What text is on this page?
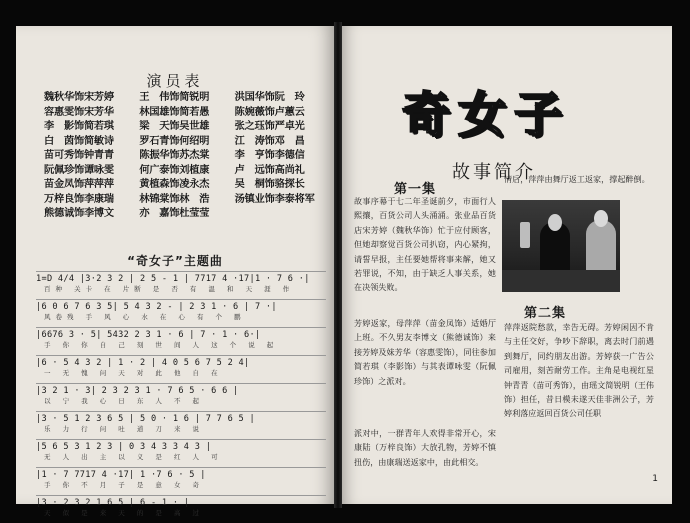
演员表
魏秋华饰宋芳婷	王　伟饰简锐明	洪国华饰阮　玲
容惠雯饰宋芳华	林国雄饰简若愚	陈婉薇饰卢蕙云
李　影饰简若琪	梁　天饰吴世雄	张之珏饰严卓光
白　茵饰简敏诗	罗石青饰何绍明	江　涛饰邓　昌
苗可秀饰钟青青	陈振华饰苏杰棠	李　亨饰李德信
阮佩珍饰谭咏雯	何广泰饰刘植康	卢　远饰高尚礼
苗金凤饰萍萍萍	黄植森饰凌永杰	吴　桐饰骆探长
万梓良饰李康瑞	林锦棠饰林　浩	汤镇业饰李泰将军
熊德诚饰李博文	亦　嘉饰杜莹莹
“奇女子”主题曲
1=D 4/4 |3·2 3 2 | 2 5 - 1 | 7717 4 ·17|1 · 7 6 ·|
百种 关卡 在 片断 是 否 有 温 和 天 涯 作
|6 0 6 7 6 3 5| 5 4 3 2 - | 2 3 1 · 6 | 7 ·|
风卷残 手 风 心 水 在 心 有 个 鹏
|6676 3 · 5| 5432 2 3 1 · 6 | 7 · 1 · 6·|
手 你 你 自 己 刻 世 间 人 这 个 说 起
|6 · 5 4 3 2 | 1 · 2 | 4 0 5 6 7 5 2 4|
一 无 愧 问 天 对 此 他 自 在
|3 2 1 · 3| 2 3 2 3 1 · 7 6 5 · 6 6 |
以 宁 我 心 日 东 人 不 起
|3 · 5 1 2 3 6 5 | 5 0 · 1 6 | 7 7 6 5 |
乐 力 行 问 吐 道 刀 来 说
|5 6 5 3 1 2 3 | 0 3 4 3 3 4 3 |
无 人 出 主 以 义 是 红 人 可
|1 · 7 7717 4 ·17| 1 ·7 6 · 5 |
手 你 不 月 子 是 意 女 奇
|3 · 2 3 2 1 6 5 | 6 - 1 · |
天 似 是 来 天 的 是 高 过
奇女子
故事简介
第一集
故事序幕于七二年圣诞前夕，市面行人熙攘，百货公司人头涌涌。张业品百货店宋芳婷（魏秋华饰）忙于应付顾客，但她却察觉百货公司扒窃，内心紧拘，请誓早报，主任要她帮将事来解，她又若罪说，不知，由于缺乏人事关系，她在决领失败。
情后，萍萍由舞厅返工返家，撑起醉倒。
芳婷返家，母萍萍（苗金凤饰）适婚厅上班。不久男友李博文（熊德诚饰）来接芳婷及妹芳华（容惠雯饰），同往参加简若琪（李影饰）与其表谭咏雯（阮佩珍饰）之派对。
派对中，一群青年人欢得非常开心，宋康陆（万梓良饰）大放孔物，芳婷不慎扭伤，由康瑞送返家中，由此相交。
第二集
萍萍返院愁款，幸告无碍。芳婷闲因不肯与主任交好，争吵下辞职，离去时门前遇到舞厅，同约朋友出游。芳婷获一广告公司雇用，刻苦耐劳工作。主角是电视红星钟青青（苗可秀饰），由瑶文简锐明（王伟饰）担任，昔日模未遂天佳非洲公子，芳婷利落应返回百货公司任职
1
